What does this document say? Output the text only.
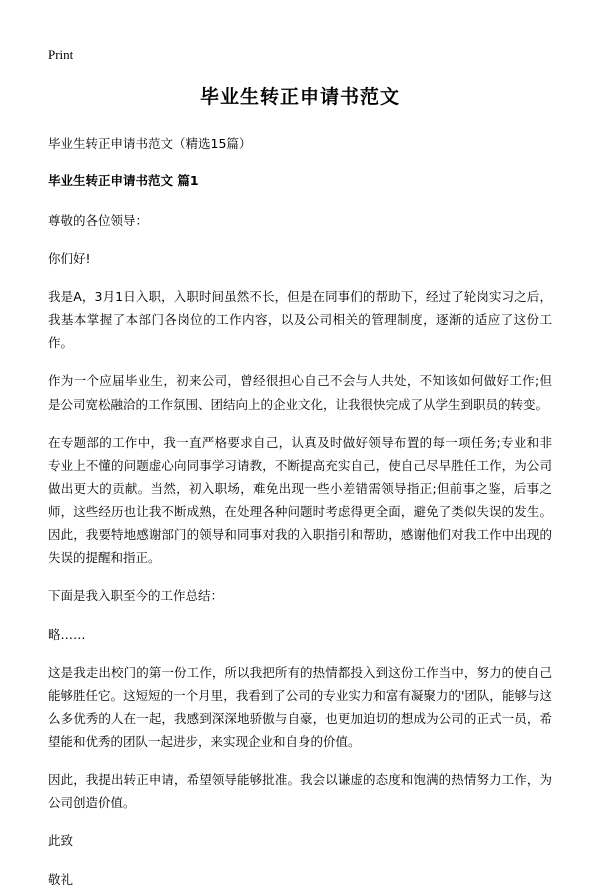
Print
毕业生转正申请书范文
毕业生转正申请书范文（精选15篇）
毕业生转正申请书范文 篇1

尊敬的各位领导：

你们好!

我是A，3月1日入职，入职时间虽然不长，但是在同事们的帮助下，经过了轮岗实习之后，我基本掌握了本部门各岗位的工作内容，以及公司相关的管理制度，逐渐的适应了这份工作。

作为一个应届毕业生，初来公司，曾经很担心自己不会与人共处，不知该如何做好工作;但是公司宽松融洽的工作氛围、团结向上的企业文化，让我很快完成了从学生到职员的转变。

在专题部的工作中，我一直严格要求自己，认真及时做好领导布置的每一项任务;专业和非专业上不懂的问题虚心向同事学习请教，不断提高充实自己，使自己尽早胜任工作，为公司做出更大的贡献。当然，初入职场，难免出现一些小差错需领导指正;但前事之鉴，后事之师，这些经历也让我不断成熟，在处理各种问题时考虑得更全面，避免了类似失误的发生。因此，我要特地感谢部门的领导和同事对我的入职指引和帮助，感谢他们对我工作中出现的失误的提醒和指正。

下面是我入职至今的工作总结：

略……

这是我走出校门的第一份工作，所以我把所有的热情都投入到这份工作当中，努力的使自己能够胜任它。这短短的一个月里，我看到了公司的专业实力和富有凝聚力的'团队，能够与这么多优秀的人在一起，我感到深深地骄傲与自豪，也更加迫切的想成为公司的正式一员，希望能和优秀的团队一起进步，来实现企业和自身的价值。

因此，我提出转正申请，希望领导能够批准。我会以谦虚的态度和饱满的热情努力工作，为公司创造价值。

此致

敬礼
